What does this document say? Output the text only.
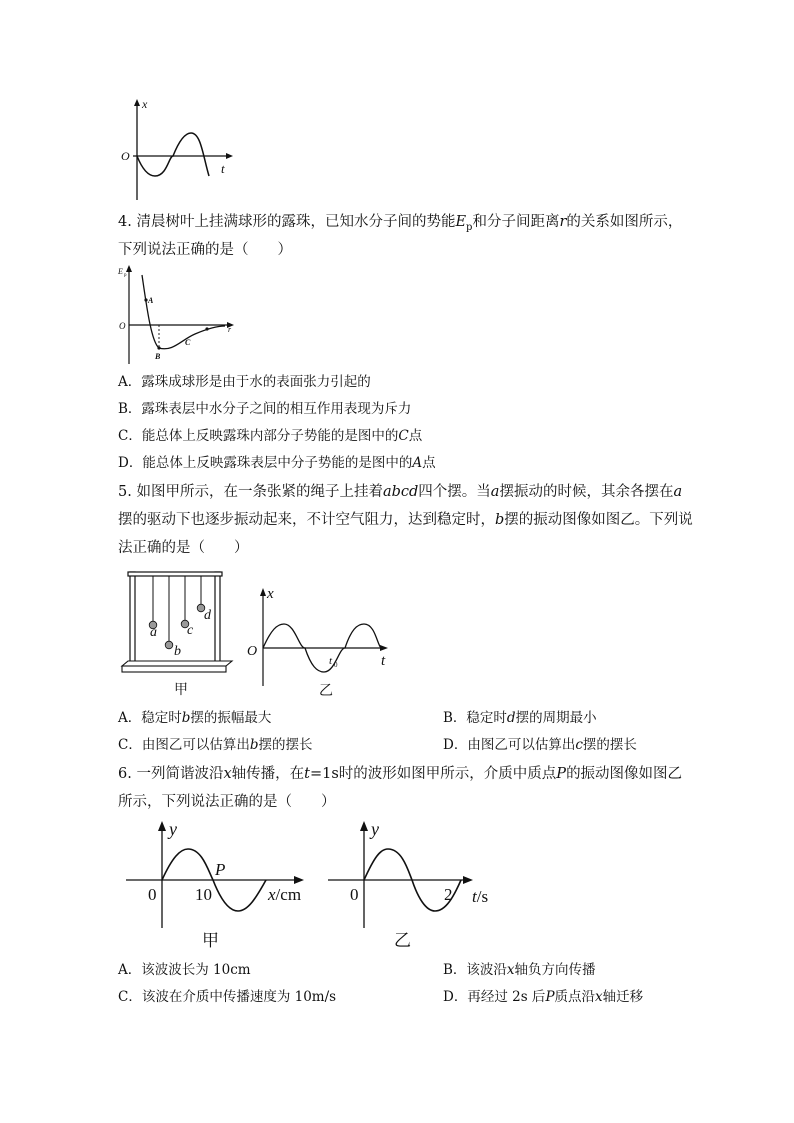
x
O
t
4. 清晨树叶上挂满球形的露珠，已知水分子间的势能$E_p$和分子间距离r的关系如图所示，
下列说法正确的是（　　）
E p
O	r
A
B
C
A．露珠成球形是由于水的表面张力引起的
B．露珠表层中水分子之间的相互作用表现为斥力
C．能总体上反映露珠内部分子势能的是图中的C点
D．能总体上反映露珠表层中分子势能的是图中的A点
5. 如图甲所示，在一条张紧的绳子上挂着abcd四个摆。当a摆振动的时候，其余各摆在a
摆的驱动下也逐步振动起来，不计空气阻力，达到稳定时，b摆的振动图像如图乙。下列说
法正确的是（　　）
a
b
c
d
甲
x
O
t
t 0
乙
A．稳定时b摆的振幅最大	B．稳定时d摆的周期最小
C．由图乙可以估算出b摆的摆长	D．由图乙可以估算出c摆的摆长
6. 一列简谐波沿x轴传播，在t=1s时的波形如图甲所示，介质中质点P的振动图像如图乙
所示，下列说法正确的是（　　）
y
0 10
P
x/cm
甲
y
0	2 t/s
乙
A．该波波长为 10cm	B．该波沿x轴负方向传播
C．该波在介质中传播速度为 10m/s	D．再经过 2s 后P质点沿x轴迁移
